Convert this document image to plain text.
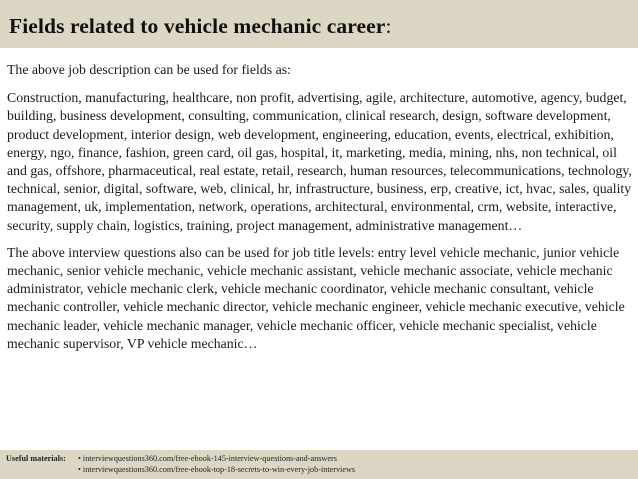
Fields related to vehicle mechanic career:

The above job description can be used for fields as:

Construction, manufacturing, healthcare, non profit, advertising, agile, architecture, automotive, agency, budget, building, business development, consulting, communication, clinical research, design, software development, product development, interior design, web development, engineering, education, events, electrical, exhibition, energy, ngo, finance, fashion, green card, oil gas, hospital, it, marketing, media, mining, nhs, non technical, oil and gas, offshore, pharmaceutical, real estate, retail, research, human resources, telecommunications, technology, technical, senior, digital, software, web, clinical, hr, infrastructure, business, erp, creative, ict, hvac, sales, quality management, uk, implementation, network, operations, architectural, environmental, crm, website, interactive, security, supply chain, logistics, training, project management, administrative management…

The above interview questions also can be used for job title levels: entry level vehicle mechanic, junior vehicle mechanic, senior vehicle mechanic, vehicle mechanic assistant, vehicle mechanic associate, vehicle mechanic administrator, vehicle mechanic clerk, vehicle mechanic coordinator, vehicle mechanic consultant, vehicle mechanic controller, vehicle mechanic director, vehicle mechanic engineer, vehicle mechanic executive, vehicle mechanic leader, vehicle mechanic manager, vehicle mechanic officer, vehicle mechanic specialist, vehicle mechanic supervisor, VP vehicle mechanic…

Useful materials: • interviewquestions360.com/free-ebook-145-interview-questions-and-answers
• interviewquestions360.com/free-ebook-top-18-secrets-to-win-every-job-interviews
